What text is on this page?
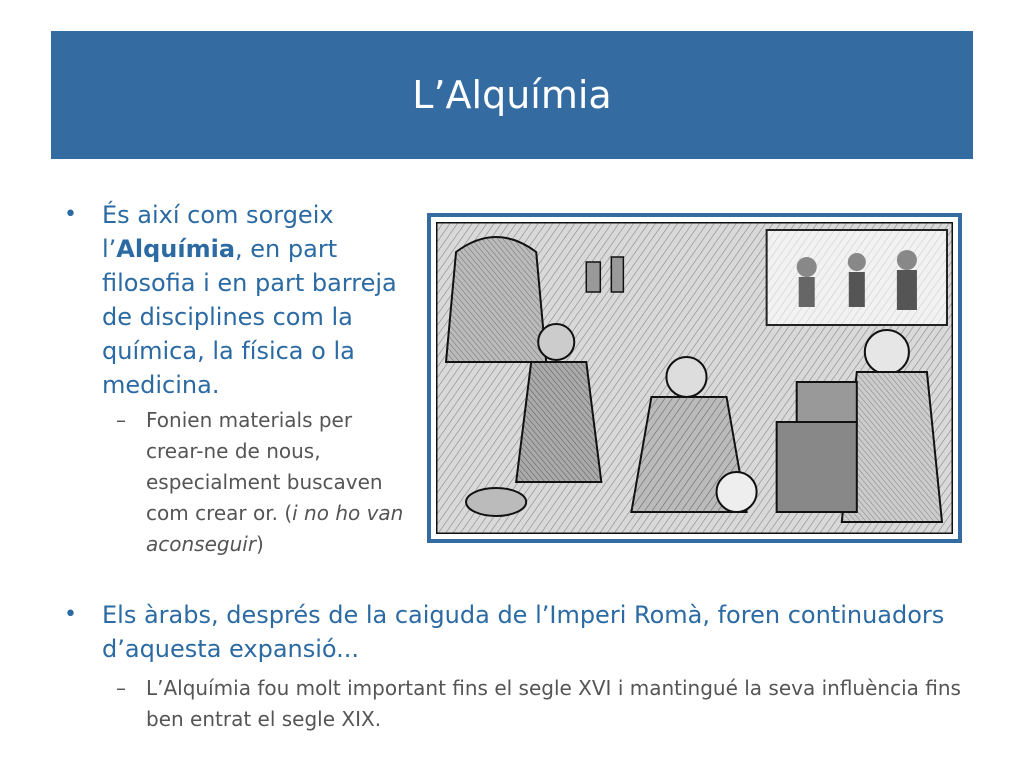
L’Alquímia
• És així com sorgeix l’Alquímia, en part filosofia i en part barreja de disciplines com la química, la física o la medicina.
– Fonien materials per crear-ne de nous, especialment buscaven com crear or. (i no ho van aconseguir)
• Els àrabs, després de la caiguda de l’Imperi Romà, foren continuadors d’aquesta expansió...
– L’Alquímia fou molt important fins el segle XVI i mantingué la seva influència fins ben entrat el segle XIX.
